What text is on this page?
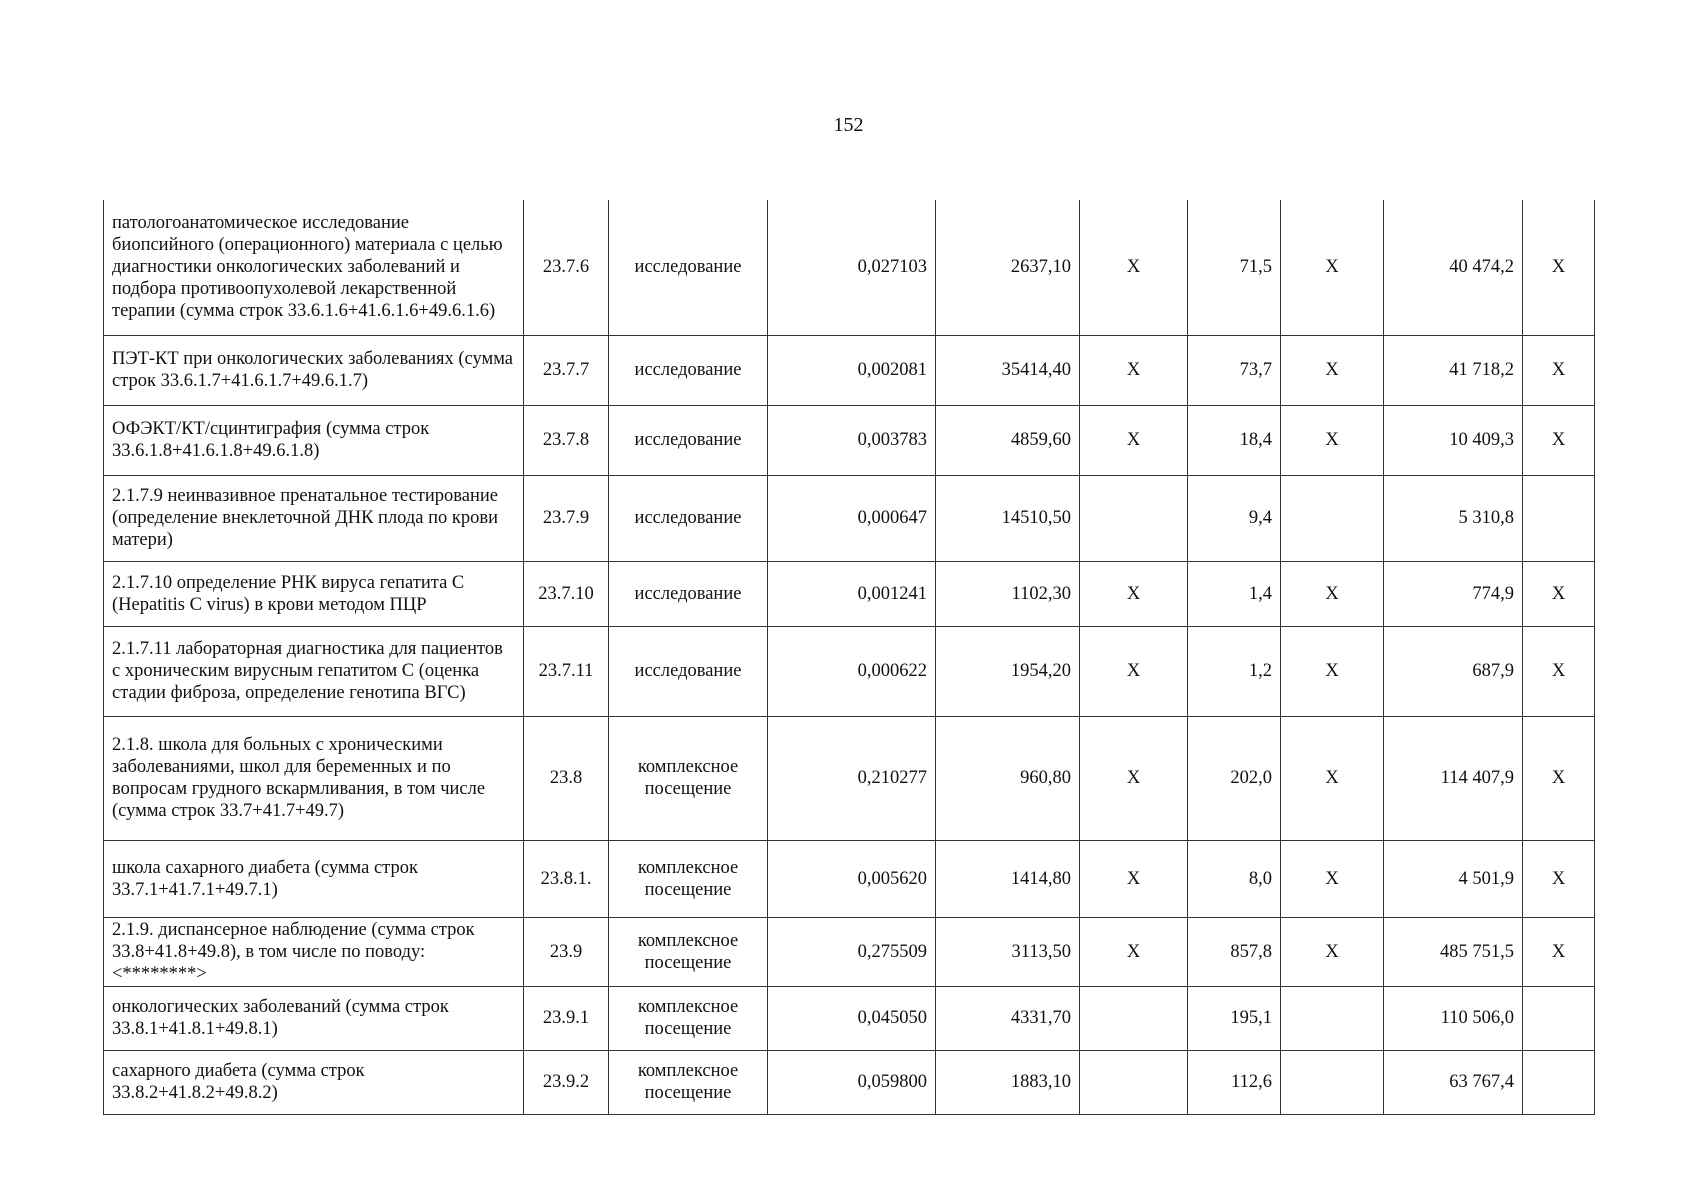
152
патологоанатомическое исследование биопсийного (операционного) материала с целью диагностики онкологических заболеваний и подбора противоопухолевой лекарственной терапии (сумма строк 33.6.1.6+41.6.1.6+49.6.1.6)	23.7.6	исследование	0,027103	2637,10	Х	71,5	Х	40 474,2	Х
ПЭТ-КТ при онкологических заболеваниях (сумма строк 33.6.1.7+41.6.1.7+49.6.1.7)	23.7.7	исследование	0,002081	35414,40	Х	73,7	Х	41 718,2	Х
ОФЭКТ/КТ/сцинтиграфия (сумма строк 33.6.1.8+41.6.1.8+49.6.1.8)	23.7.8	исследование	0,003783	4859,60	Х	18,4	Х	10 409,3	Х
2.1.7.9 неинвазивное пренатальное тестирование (определение внеклеточной ДНК плода по крови матери)	23.7.9	исследование	0,000647	14510,50		9,4		5 310,8	
2.1.7.10 определение РНК вируса гепатита С (Hepatitis C virus) в крови методом ПЦР	23.7.10	исследование	0,001241	1102,30	Х	1,4	Х	774,9	Х
2.1.7.11 лабораторная диагностика для пациентов с хроническим вирусным гепатитом С (оценка стадии фиброза, определение генотипа ВГС)	23.7.11	исследование	0,000622	1954,20	Х	1,2	Х	687,9	Х
2.1.8. школа для больных с хроническими заболеваниями, школ для беременных и по вопросам грудного вскармливания, в том числе (сумма строк 33.7+41.7+49.7)	23.8	комплексное посещение	0,210277	960,80	Х	202,0	Х	114 407,9	Х
школа сахарного диабета (сумма строк 33.7.1+41.7.1+49.7.1)	23.8.1.	комплексное посещение	0,005620	1414,80	Х	8,0	Х	4 501,9	Х
2.1.9. диспансерное наблюдение (сумма строк 33.8+41.8+49.8), в том числе по поводу:<********>	23.9	комплексное посещение	0,275509	3113,50	Х	857,8	Х	485 751,5	Х
онкологических заболеваний (сумма строк 33.8.1+41.8.1+49.8.1)	23.9.1	комплексное посещение	0,045050	4331,70		195,1		110 506,0	
сахарного диабета (сумма строк 33.8.2+41.8.2+49.8.2)	23.9.2	комплексное посещение	0,059800	1883,10		112,6		63 767,4	
